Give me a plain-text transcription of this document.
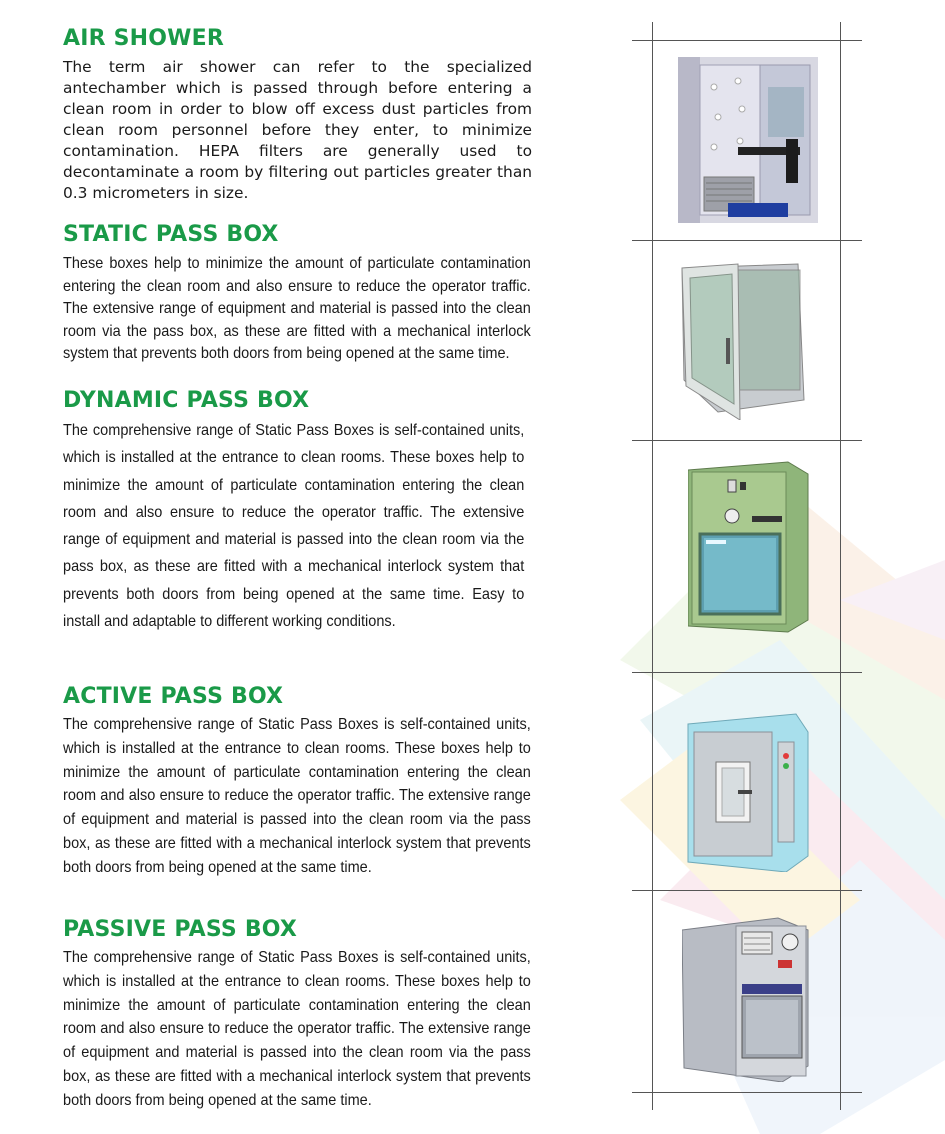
AIR SHOWER

The term air shower can refer to the specialized antechamber which is passed through before entering a clean room in order to blow off excess dust particles from clean room personnel before they enter, to minimize contamination. HEPA filters are generally used to decontaminate a room by filtering out particles greater than 0.3 micrometers in size.

STATIC PASS BOX

These boxes help to minimize the amount of particulate contamination entering the clean room and also ensure to reduce the operator traffic. The extensive range of equipment and material is passed into the clean room via the pass box, as these are fitted with a mechanical interlock system that prevents both doors from being opened at the same time.

DYNAMIC PASS BOX

The comprehensive range of Static Pass Boxes is self-contained units, which is installed at the entrance to clean rooms. These boxes help to minimize the amount of particulate contamination entering the clean room and also ensure to reduce the operator traffic. The extensive range of equipment and material is passed into the clean room via the pass box, as these are fitted with a mechanical interlock system that prevents both doors from being opened at the same time. Easy to install and adaptable to different working conditions.

ACTIVE PASS BOX

The comprehensive range of Static Pass Boxes is self-contained units, which is installed at the entrance to clean rooms. These boxes help to minimize the amount of particulate contamination entering the clean room and also ensure to reduce the operator traffic. The extensive range of equipment and material is passed into the clean room via the pass box, as these are fitted with a mechanical interlock system that prevents both doors from being opened at the same time.

PASSIVE PASS BOX

The comprehensive range of Static Pass Boxes is self-contained units, which is installed at the entrance to clean rooms. These boxes help to minimize the amount of particulate contamination entering the clean room and also ensure to reduce the operator traffic. The extensive range of equipment and material is passed into the clean room via the pass box, as these are fitted with a mechanical interlock system that prevents both doors from being opened at the same time.
